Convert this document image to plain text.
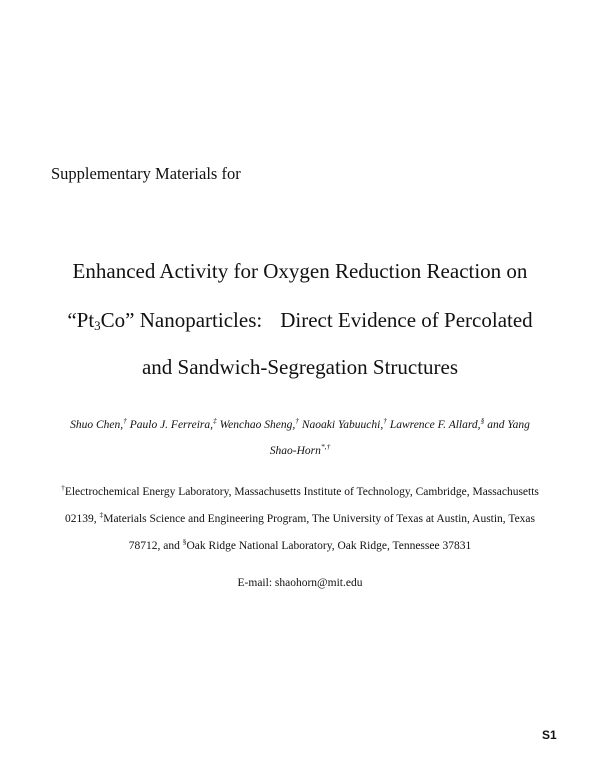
Supplementary Materials for
Enhanced Activity for Oxygen Reduction Reaction on
“$Pt_3Co$” Nanoparticles: Direct Evidence of Percolated
and Sandwich-Segregation Structures
Shuo Chen,† Paulo J. Ferreira,‡ Wenchao Sheng,† Naoaki Yabuuchi,† Lawrence F. Allard,§ and Yang
Shao-Horn*,†
†Electrochemical Energy Laboratory, Massachusetts Institute of Technology, Cambridge, Massachusetts
02139, ‡Materials Science and Engineering Program, The University of Texas at Austin, Austin, Texas
78712, and §Oak Ridge National Laboratory, Oak Ridge, Tennessee 37831
E-mail: shaohorn@mit.edu
S1
